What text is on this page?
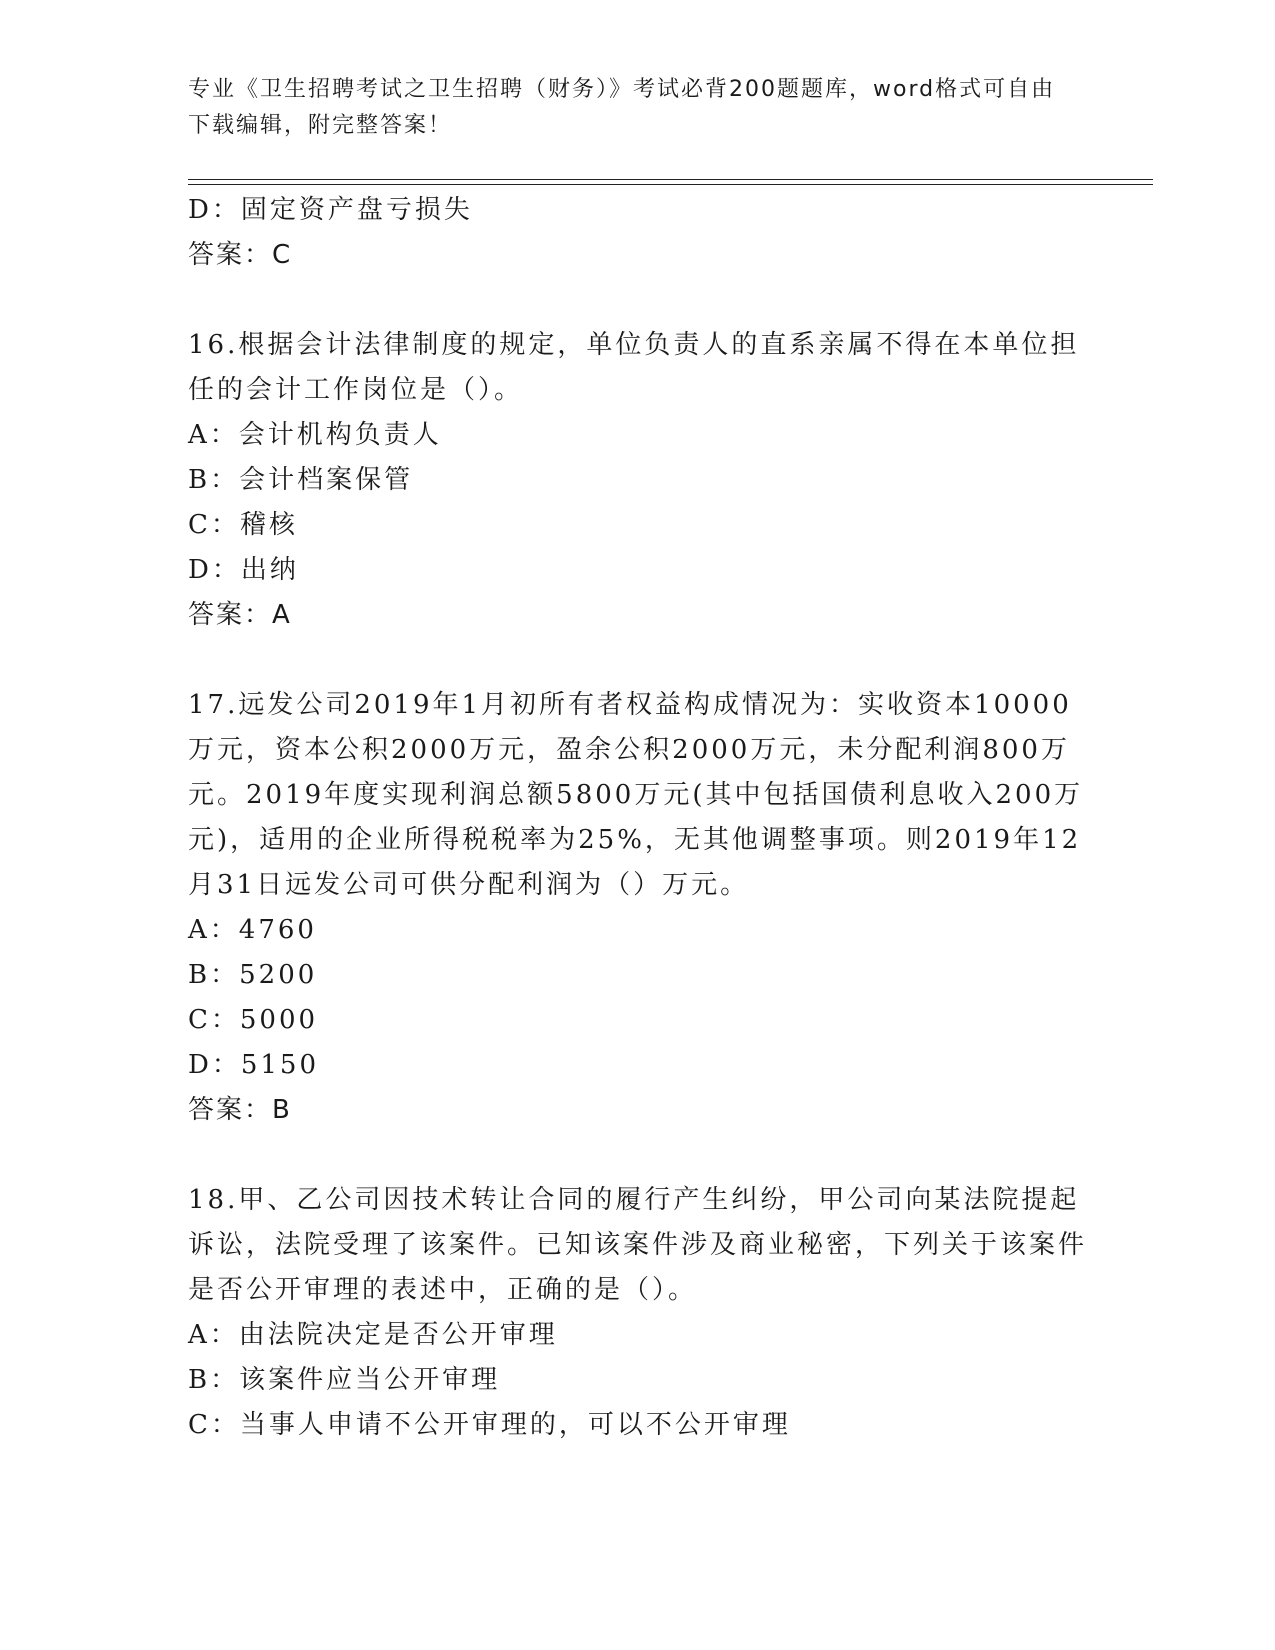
专业《卫生招聘考试之卫生招聘（财务）》考试必背200题题库，word格式可自由下载编辑，附完整答案！

D：固定资产盘亏损失

答案：C

16.根据会计法律制度的规定，单位负责人的直系亲属不得在本单位担任的会计工作岗位是（）。

A：会计机构负责人

B：会计档案保管

C：稽核

D：出纳

答案：A

17.远发公司2019年1月初所有者权益构成情况为：实收资本10000万元，资本公积2000万元，盈余公积2000万元，未分配利润800万元。2019年度实现利润总额5800万元(其中包括国债利息收入200万元)，适用的企业所得税税率为25%，无其他调整事项。则2019年12月31日远发公司可供分配利润为（）万元。

A：4760

B：5200

C：5000

D：5150

答案：B

18.甲、乙公司因技术转让合同的履行产生纠纷，甲公司向某法院提起诉讼，法院受理了该案件。已知该案件涉及商业秘密，下列关于该案件是否公开审理的表述中，正确的是（）。

A：由法院决定是否公开审理

B：该案件应当公开审理

C：当事人申请不公开审理的，可以不公开审理
